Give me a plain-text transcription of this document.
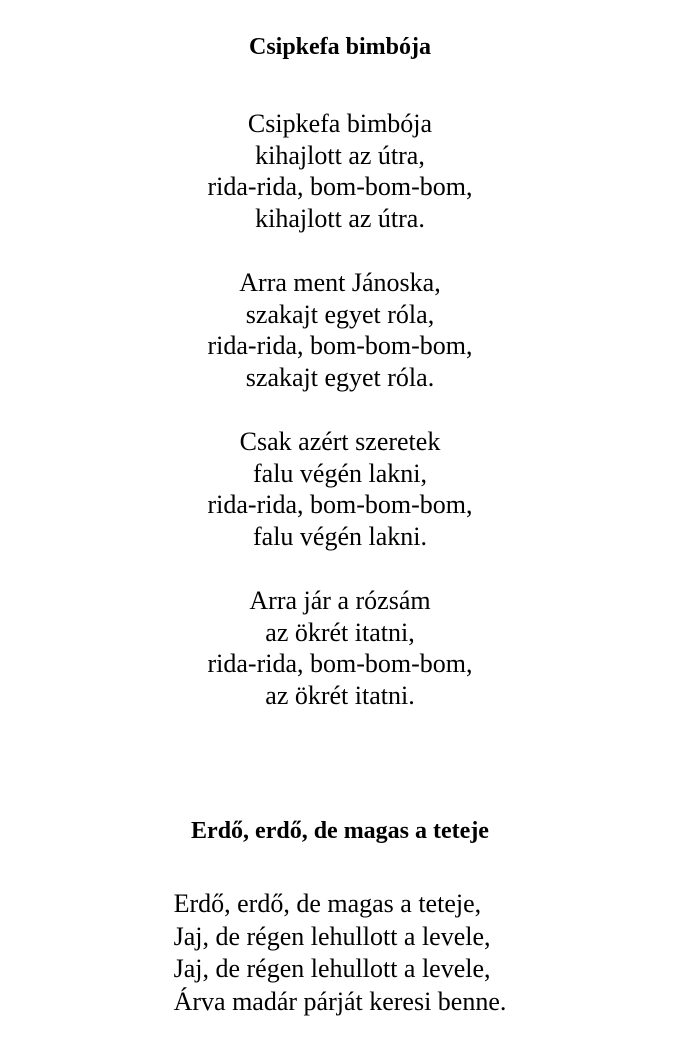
Csipkefa bimbója
Csipkefa bimbója
kihajlott az útra,
rida-rida, bom-bom-bom,
kihajlott az útra.
Arra ment Jánoska,
szakajt egyet róla,
rida-rida, bom-bom-bom,
szakajt egyet róla.
Csak azért szeretek
falu végén lakni,
rida-rida, bom-bom-bom,
falu végén lakni.
Arra jár a rózsám
az ökrét itatni,
rida-rida, bom-bom-bom,
az ökrét itatni.
Erdő, erdő, de magas a teteje
Erdő, erdő, de magas a teteje,
Jaj, de régen lehullott a levele,
Jaj, de régen lehullott a levele,
Árva madár párját keresi benne.
